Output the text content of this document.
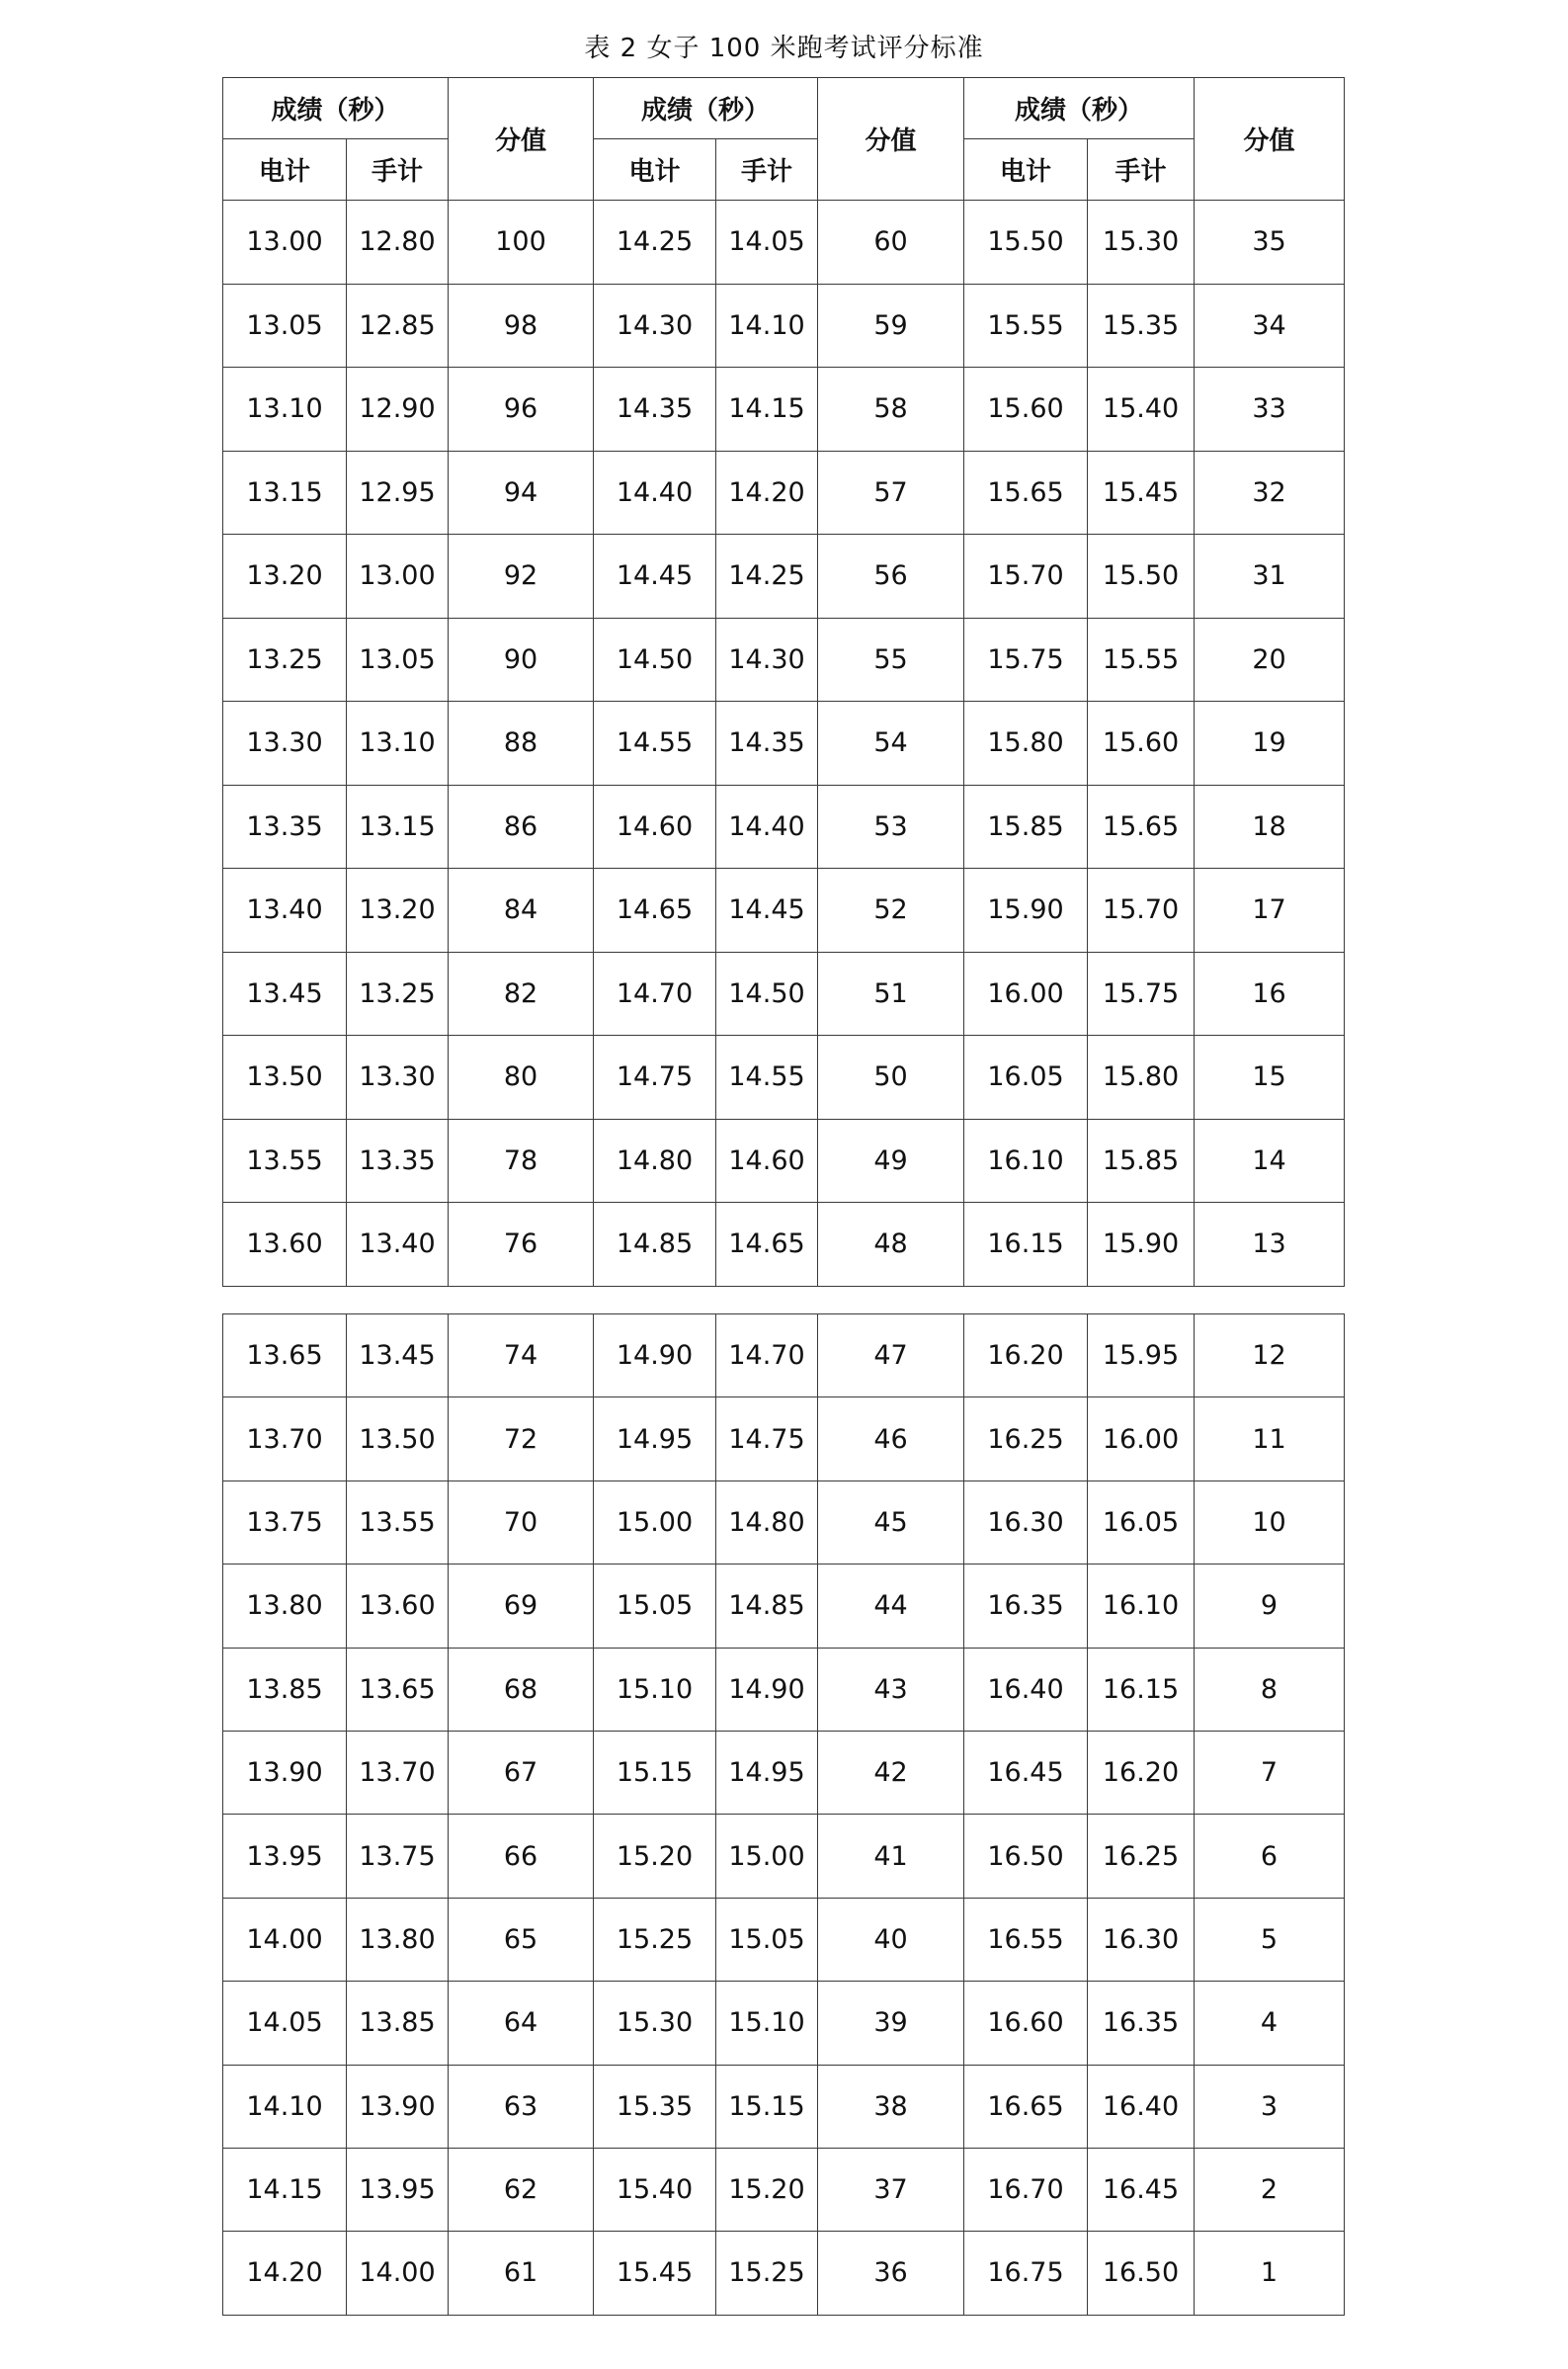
表 2 女子 100 米跑考试评分标准
成绩（秒）		分值	成绩（秒）		分值	成绩（秒）		分值
电计	手计		电计	手计		电计	手计	
13.00	12.80	100	14.25	14.05	60	15.50	15.30	35
13.05	12.85	98	14.30	14.10	59	15.55	15.35	34
13.10	12.90	96	14.35	14.15	58	15.60	15.40	33
13.15	12.95	94	14.40	14.20	57	15.65	15.45	32
13.20	13.00	92	14.45	14.25	56	15.70	15.50	31
13.25	13.05	90	14.50	14.30	55	15.75	15.55	20
13.30	13.10	88	14.55	14.35	54	15.80	15.60	19
13.35	13.15	86	14.60	14.40	53	15.85	15.65	18
13.40	13.20	84	14.65	14.45	52	15.90	15.70	17
13.45	13.25	82	14.70	14.50	51	16.00	15.75	16
13.50	13.30	80	14.75	14.55	50	16.05	15.80	15
13.55	13.35	78	14.80	14.60	49	16.10	15.85	14
13.60	13.40	76	14.85	14.65	48	16.15	15.90	13
13.65	13.45	74	14.90	14.70	47	16.20	15.95	12
13.70	13.50	72	14.95	14.75	46	16.25	16.00	11
13.75	13.55	70	15.00	14.80	45	16.30	16.05	10
13.80	13.60	69	15.05	14.85	44	16.35	16.10	9
13.85	13.65	68	15.10	14.90	43	16.40	16.15	8
13.90	13.70	67	15.15	14.95	42	16.45	16.20	7
13.95	13.75	66	15.20	15.00	41	16.50	16.25	6
14.00	13.80	65	15.25	15.05	40	16.55	16.30	5
14.05	13.85	64	15.30	15.10	39	16.60	16.35	4
14.10	13.90	63	15.35	15.15	38	16.65	16.40	3
14.15	13.95	62	15.40	15.20	37	16.70	16.45	2
14.20	14.00	61	15.45	15.25	36	16.75	16.50	1
